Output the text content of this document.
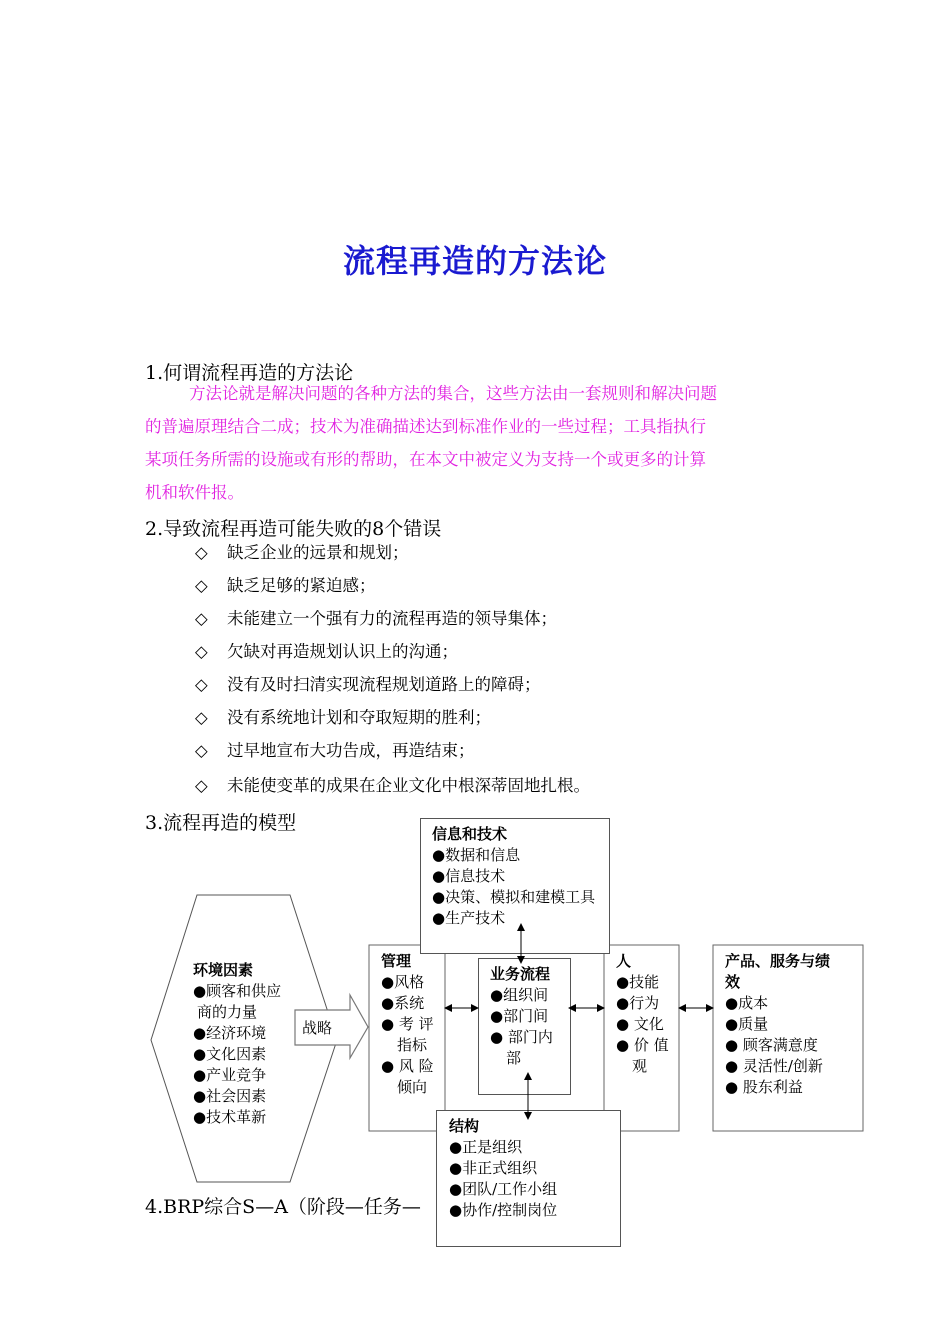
流程再造的方法论
1.何谓流程再造的方法论
方法论就是解决问题的各种方法的集合，这些方法由一套规则和解决问题
的普遍原理结合二成；技术为准确描述达到标准作业的一些过程；工具指执行
某项任务所需的设施或有形的帮助，在本文中被定义为支持一个或更多的计算
机和软件报。
2.导致流程再造可能失败的8个错误
◇ 缺乏企业的远景和规划；
◇ 缺乏足够的紧迫感；
◇ 未能建立一个强有力的流程再造的领导集体；
◇ 欠缺对再造规划认识上的沟通；
◇ 没有及时扫清实现流程规划道路上的障碍；
◇ 没有系统地计划和夺取短期的胜利；
◇ 过早地宣布大功告成，再造结束；
◇ 未能使变革的成果在企业文化中根深蒂固地扎根。
3.流程再造的模型
4.BRP综合S—A（阶段—任务—
环境因素
●顾客和供应
商的力量
●经济环境
●文化因素
●产业竞争
●社会因素
●技术革新
战略
信息和技术
●数据和信息
●信息技术
●决策、模拟和建模工具
●生产技术
管理
●风格
●系统
● 考 评
指标
● 风 险
倾向
业务流程
●组织间
●部门间
● 部门内
部
人
●技能
●行为
● 文化
● 价 值
观
结构
●正是组织
●非正式组织
●团队/工作小组
●协作/控制岗位
产品、服务与绩
效
●成本
●质量
● 顾客满意度
● 灵活性/创新
● 股东利益
